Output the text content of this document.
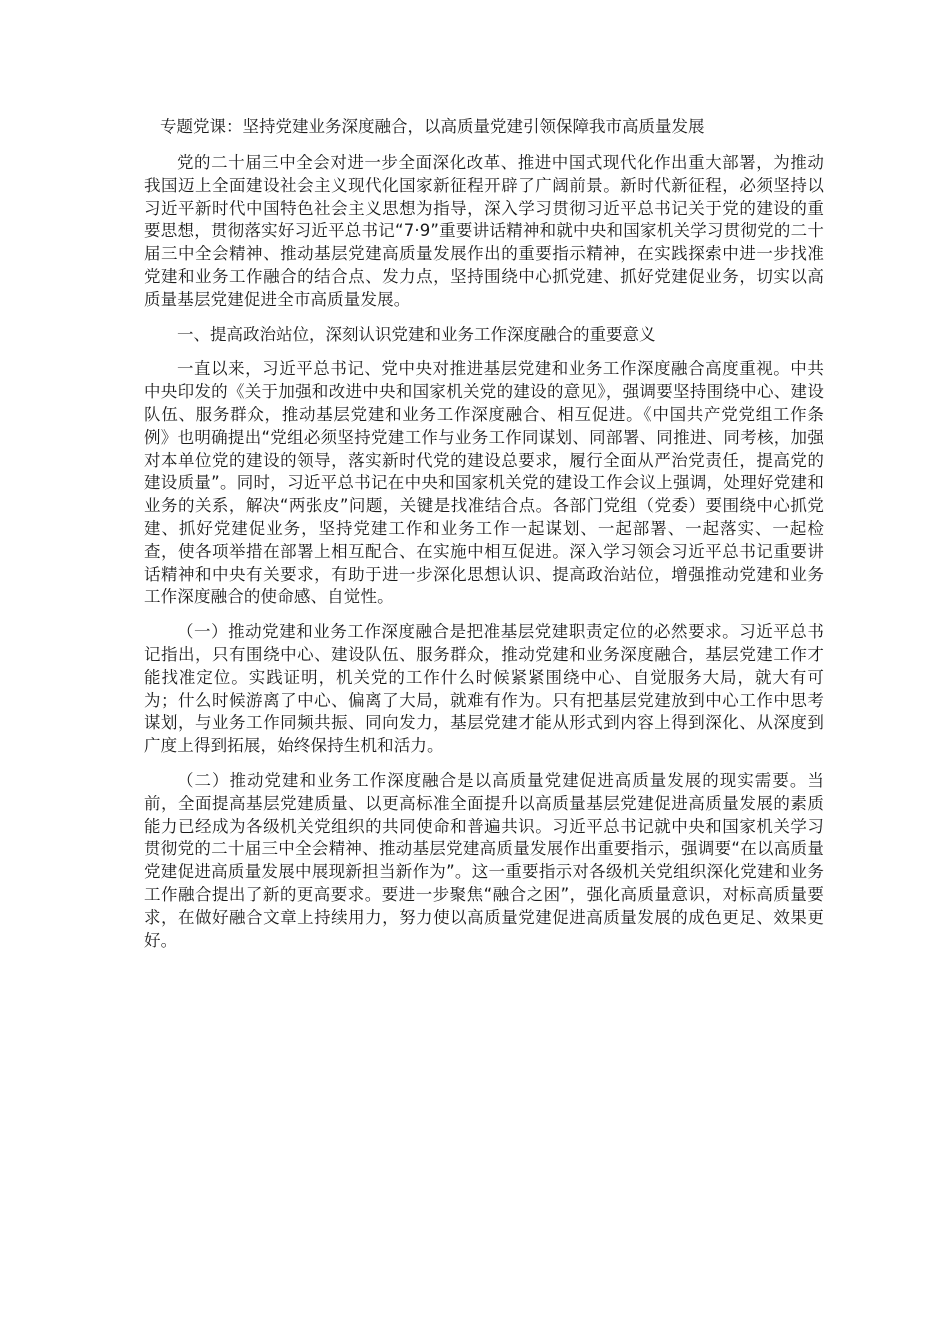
专题党课：坚持党建业务深度融合，以高质量党建引领保障我市高质量发展

党的二十届三中全会对进一步全面深化改革、推进中国式现代化作出重大部署，为推动我国迈上全面建设社会主义现代化国家新征程开辟了广阔前景。新时代新征程，必须坚持以习近平新时代中国特色社会主义思想为指导，深入学习贯彻习近平总书记关于党的建设的重要思想，贯彻落实好习近平总书记“7·9”重要讲话精神和就中央和国家机关学习贯彻党的二十届三中全会精神、推动基层党建高质量发展作出的重要指示精神，在实践探索中进一步找准党建和业务工作融合的结合点、发力点，坚持围绕中心抓党建、抓好党建促业务，切实以高质量基层党建促进全市高质量发展。

一、提高政治站位，深刻认识党建和业务工作深度融合的重要意义

一直以来，习近平总书记、党中央对推进基层党建和业务工作深度融合高度重视。中共中央印发的《关于加强和改进中央和国家机关党的建设的意见》，强调要坚持围绕中心、建设队伍、服务群众，推动基层党建和业务工作深度融合、相互促进。《中国共产党党组工作条例》也明确提出“党组必须坚持党建工作与业务工作同谋划、同部署、同推进、同考核，加强对本单位党的建设的领导，落实新时代党的建设总要求，履行全面从严治党责任，提高党的建设质量”。同时，习近平总书记在中央和国家机关党的建设工作会议上强调，处理好党建和业务的关系，解决“两张皮”问题，关键是找准结合点。各部门党组（党委）要围绕中心抓党建、抓好党建促业务，坚持党建工作和业务工作一起谋划、一起部署、一起落实、一起检查，使各项举措在部署上相互配合、在实施中相互促进。深入学习领会习近平总书记重要讲话精神和中央有关要求，有助于进一步深化思想认识、提高政治站位，增强推动党建和业务工作深度融合的使命感、自觉性。

（一）推动党建和业务工作深度融合是把准基层党建职责定位的必然要求。习近平总书记指出，只有围绕中心、建设队伍、服务群众，推动党建和业务深度融合，基层党建工作才能找准定位。实践证明，机关党的工作什么时候紧紧围绕中心、自觉服务大局，就大有可为；什么时候游离了中心、偏离了大局，就难有作为。只有把基层党建放到中心工作中思考谋划，与业务工作同频共振、同向发力，基层党建才能从形式到内容上得到深化、从深度到广度上得到拓展，始终保持生机和活力。

（二）推动党建和业务工作深度融合是以高质量党建促进高质量发展的现实需要。当前，全面提高基层党建质量、以更高标准全面提升以高质量基层党建促进高质量发展的素质能力已经成为各级机关党组织的共同使命和普遍共识。习近平总书记就中央和国家机关学习贯彻党的二十届三中全会精神、推动基层党建高质量发展作出重要指示，强调要“在以高质量党建促进高质量发展中展现新担当新作为”。这一重要指示对各级机关党组织深化党建和业务工作融合提出了新的更高要求。要进一步聚焦“融合之困”，强化高质量意识，对标高质量要求，在做好融合文章上持续用力，努力使以高质量党建促进高质量发展的成色更足、效果更好。
